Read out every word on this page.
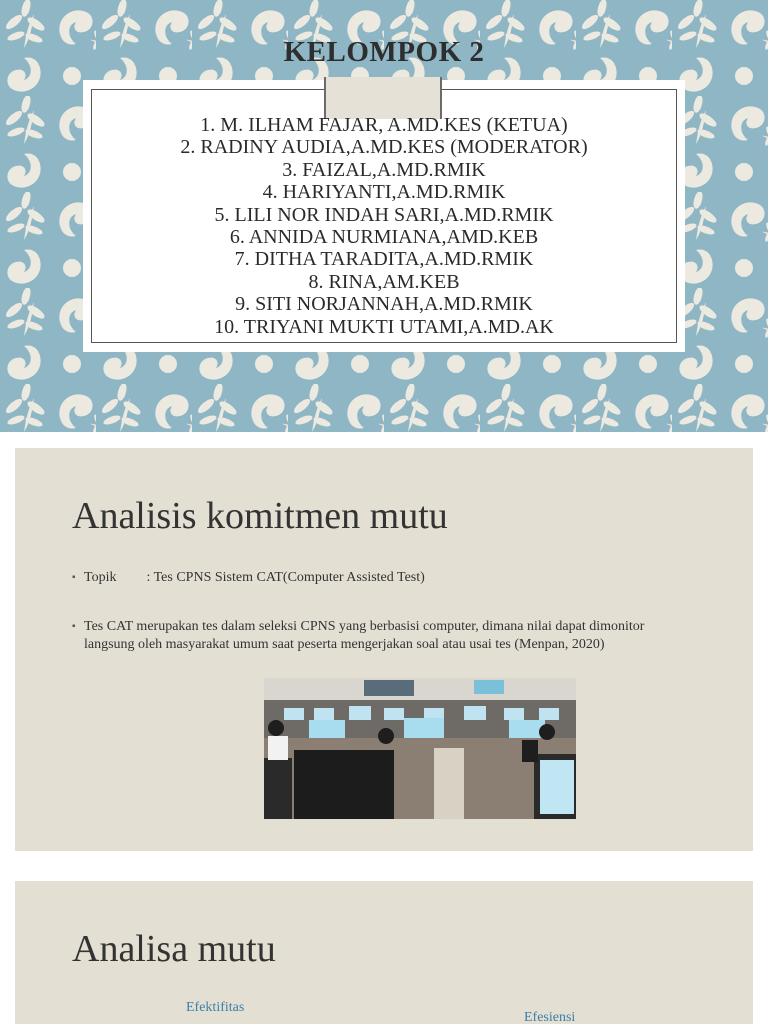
KELOMPOK 2
1. M. ILHAM FAJAR, A.MD.KES (KETUA)
2. RADINY AUDIA,A.MD.KES (MODERATOR)
3. FAIZAL,A.MD.RMIK
4. HARIYANTI,A.MD.RMIK
5. LILI NOR INDAH SARI,A.MD.RMIK
6. ANNIDA NURMIANA,AMD.KEB
7. DITHA TARADITA,A.MD.RMIK
8. RINA,AM.KEB
9. SITI NORJANNAH,A.MD.RMIK
10. TRIYANI MUKTI UTAMI,A.MD.AK
Analisis komitmen mutu
▪ Topik : Tes CPNS Sistem CAT(Computer Assisted Test)
▪ Tes CAT merupakan tes dalam seleksi CPNS yang berbasisi computer, dimana nilai dapat dimonitor langsung oleh masyarakat umum saat peserta mengerjakan soal atau usai tes (Menpan, 2020)
Analisa mutu
Efektifitas
Efesiensi
